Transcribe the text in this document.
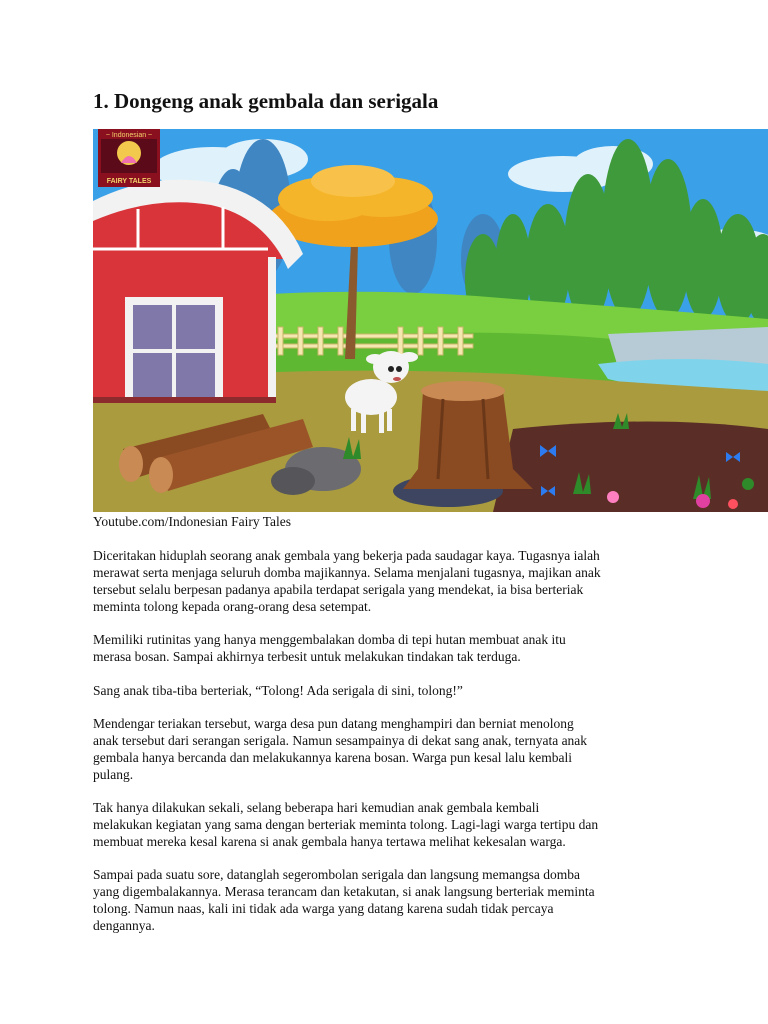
1. Dongeng anak gembala dan serigala
~ Indonesian ~
FAIRY TALES
Youtube.com/Indonesian Fairy Tales

Diceritakan hiduplah seorang anak gembala yang bekerja pada saudagar kaya. Tugasnya ialah
merawat serta menjaga seluruh domba majikannya. Selama menjalani tugasnya, majikan anak
tersebut selalu berpesan padanya apabila terdapat serigala yang mendekat, ia bisa berteriak
meminta tolong kepada orang-orang desa setempat.

Memiliki rutinitas yang hanya menggembalakan domba di tepi hutan membuat anak itu
merasa bosan. Sampai akhirnya terbesit untuk melakukan tindakan tak terduga.

Sang anak tiba-tiba berteriak, “Tolong! Ada serigala di sini, tolong!”

Mendengar teriakan tersebut, warga desa pun datang menghampiri dan berniat menolong
anak tersebut dari serangan serigala. Namun sesampainya di dekat sang anak, ternyata anak
gembala hanya bercanda dan melakukannya karena bosan. Warga pun kesal lalu kembali
pulang.

Tak hanya dilakukan sekali, selang beberapa hari kemudian anak gembala kembali
melakukan kegiatan yang sama dengan berteriak meminta tolong. Lagi-lagi warga tertipu dan
membuat mereka kesal karena si anak gembala hanya tertawa melihat kekesalan warga.

Sampai pada suatu sore, datanglah segerombolan serigala dan langsung memangsa domba
yang digembalakannya. Merasa terancam dan ketakutan, si anak langsung berteriak meminta
tolong. Namun naas, kali ini tidak ada warga yang datang karena sudah tidak percaya
dengannya.
